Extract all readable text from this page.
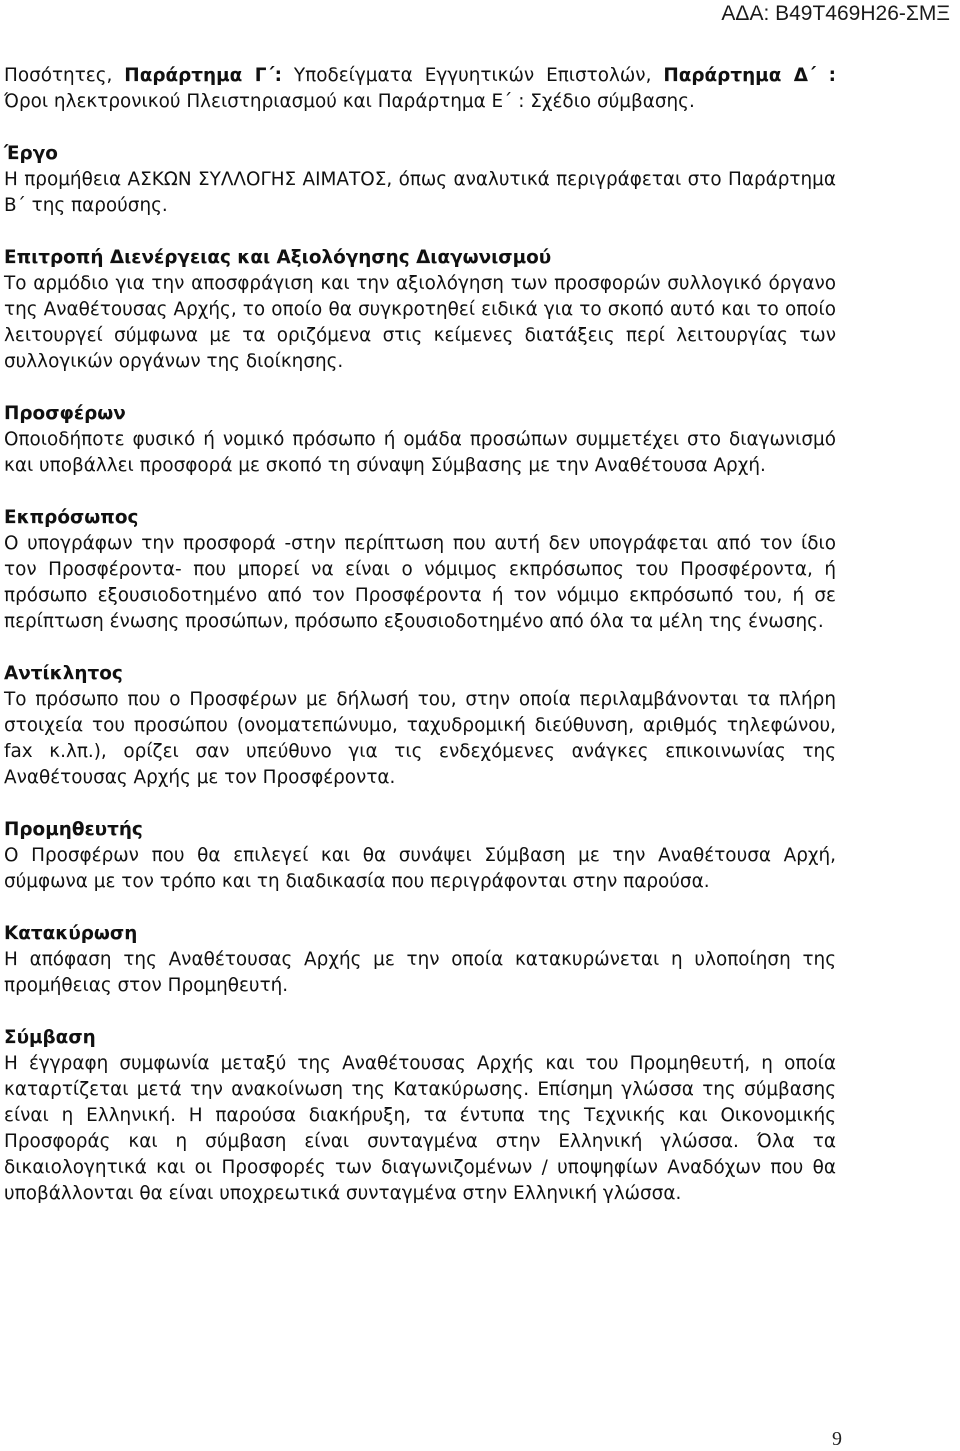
ΑΔΑ: Β49Τ469Η26-ΣΜΞ

Ποσότητες, Παράρτημα Γ΄: Υποδείγματα Εγγυητικών Επιστολών, Παράρτημα Δ΄ : Όροι ηλεκτρονικού Πλειστηριασμού και Παράρτημα Ε΄ : Σχέδιο σύμβασης.

Έργο

Η προμήθεια ΑΣΚΩΝ ΣΥΛΛΟΓΗΣ ΑΙΜΑΤΟΣ, όπως αναλυτικά περιγράφεται στο Παράρτημα Β΄ της παρούσης.

Επιτροπή Διενέργειας και Αξιολόγησης Διαγωνισμού

Το αρμόδιο για την αποσφράγιση και την αξιολόγηση των προσφορών συλλογικό όργανο της Αναθέτουσας Αρχής, το οποίο θα συγκροτηθεί ειδικά για το σκοπό αυτό και το οποίο λειτουργεί σύμφωνα με τα οριζόμενα στις κείμενες διατάξεις περί λειτουργίας των συλλογικών οργάνων της διοίκησης.

Προσφέρων

Οποιοδήποτε φυσικό ή νομικό πρόσωπο ή ομάδα προσώπων συμμετέχει στο διαγωνισμό και υποβάλλει προσφορά με σκοπό τη σύναψη Σύμβασης με την Αναθέτουσα Αρχή.

Εκπρόσωπος

Ο υπογράφων την προσφορά -στην περίπτωση που αυτή δεν υπογράφεται από τον ίδιο τον Προσφέροντα- που μπορεί να είναι ο νόμιμος εκπρόσωπος του Προσφέροντα, ή πρόσωπο εξουσιοδοτημένο από τον Προσφέροντα ή τον νόμιμο εκπρόσωπό του, ή σε περίπτωση ένωσης προσώπων, πρόσωπο εξουσιοδοτημένο από όλα τα μέλη της ένωσης.

Αντίκλητος

Το πρόσωπο που ο Προσφέρων με δήλωσή του, στην οποία περιλαμβάνονται τα πλήρη στοιχεία του προσώπου (ονοματεπώνυμο, ταχυδρομική διεύθυνση, αριθμός τηλεφώνου, fax κ.λπ.), ορίζει σαν υπεύθυνο για τις ενδεχόμενες ανάγκες επικοινωνίας της Αναθέτουσας Αρχής με τον Προσφέροντα.

Προμηθευτής

Ο Προσφέρων που θα επιλεγεί και θα συνάψει Σύμβαση με την Αναθέτουσα Αρχή, σύμφωνα με τον τρόπο και τη διαδικασία που περιγράφονται στην παρούσα.

Κατακύρωση

Η απόφαση της Αναθέτουσας Αρχής με την οποία κατακυρώνεται η υλοποίηση της προμήθειας στον Προμηθευτή.

Σύμβαση

Η έγγραφη συμφωνία μεταξύ της Αναθέτουσας Αρχής και του Προμηθευτή, η οποία καταρτίζεται μετά την ανακοίνωση της Κατακύρωσης. Επίσημη γλώσσα της σύμβασης είναι η Ελληνική. Η παρούσα διακήρυξη, τα έντυπα της Τεχνικής και Οικονομικής Προσφοράς και η σύμβαση είναι συνταγμένα στην Ελληνική γλώσσα. Όλα τα δικαιολογητικά και οι Προσφορές των διαγωνιζομένων / υποψηφίων Αναδόχων που θα υποβάλλονται θα είναι υποχρεωτικά συνταγμένα στην Ελληνική γλώσσα.

9
